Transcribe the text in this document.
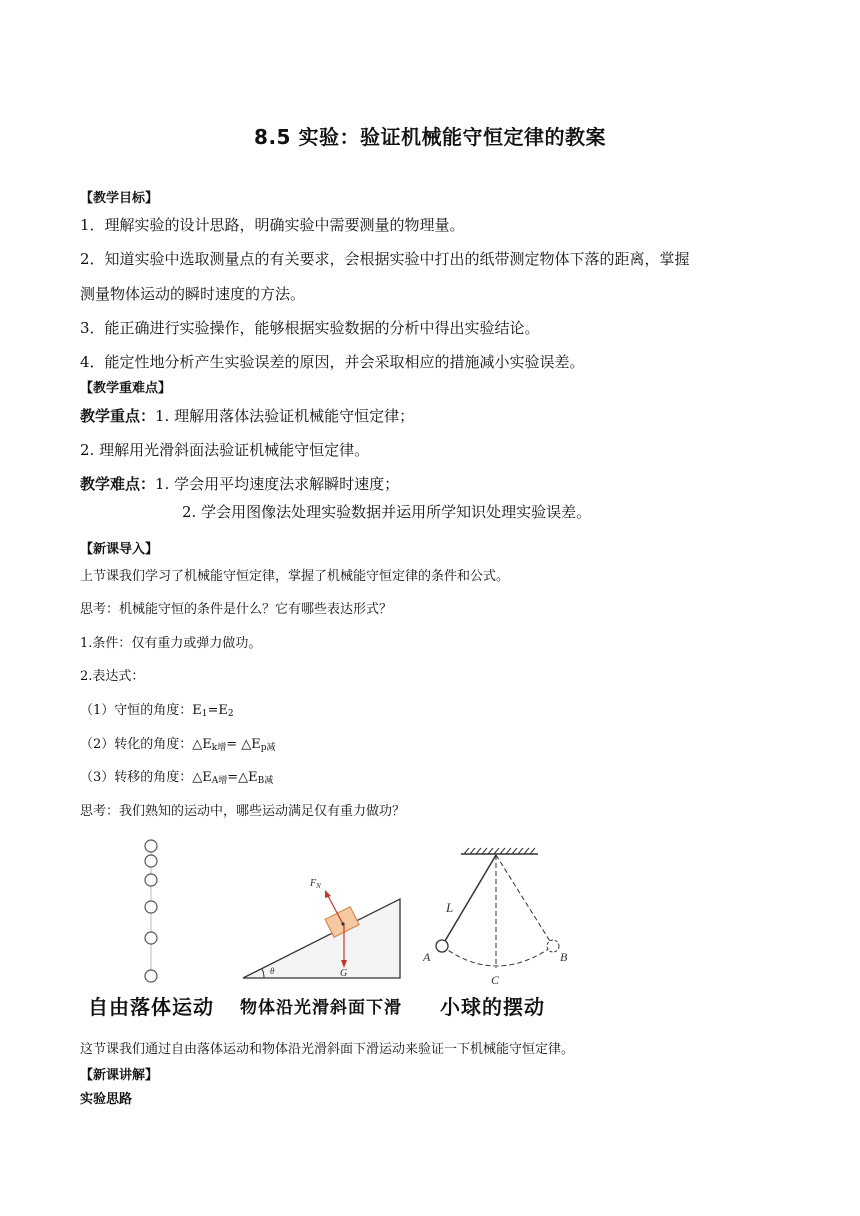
8.5 实验：验证机械能守恒定律的教案
【教学目标】
1．理解实验的设计思路，明确实验中需要测量的物理量。
2．知道实验中选取测量点的有关要求，会根据实验中打出的纸带测定物体下落的距离，掌握
测量物体运动的瞬时速度的方法。
3．能正确进行实验操作，能够根据实验数据的分析中得出实验结论。
4．能定性地分析产生实验误差的原因，并会采取相应的措施减小实验误差。
【教学重难点】
教学重点：1. 理解用落体法验证机械能守恒定律；
2. 理解用光滑斜面法验证机械能守恒定律。
教学难点：1. 学会用平均速度法求解瞬时速度；
2. 学会用图像法处理实验数据并运用所学知识处理实验误差。
【新课导入】
上节课我们学习了机械能守恒定律，掌握了机械能守恒定律的条件和公式。
思考：机械能守恒的条件是什么？它有哪些表达形式？
1.条件：仅有重力或弹力做功。
2.表达式：
（1）守恒的角度：$E_1=E_2$
（2）转化的角度：$\triangle E_{k增}=$ $\triangle E_{p减}$
（3）转移的角度：$\triangle E_{A增}=\triangle E_{B减}$
思考：我们熟知的运动中，哪些运动满足仅有重力做功？
$F_N$
G
θ
L
A	B
C
自由落体运动 物体沿光滑斜面下滑 小球的摆动
这节课我们通过自由落体运动和物体沿光滑斜面下滑运动来验证一下机械能守恒定律。
【新课讲解】
实验思路
